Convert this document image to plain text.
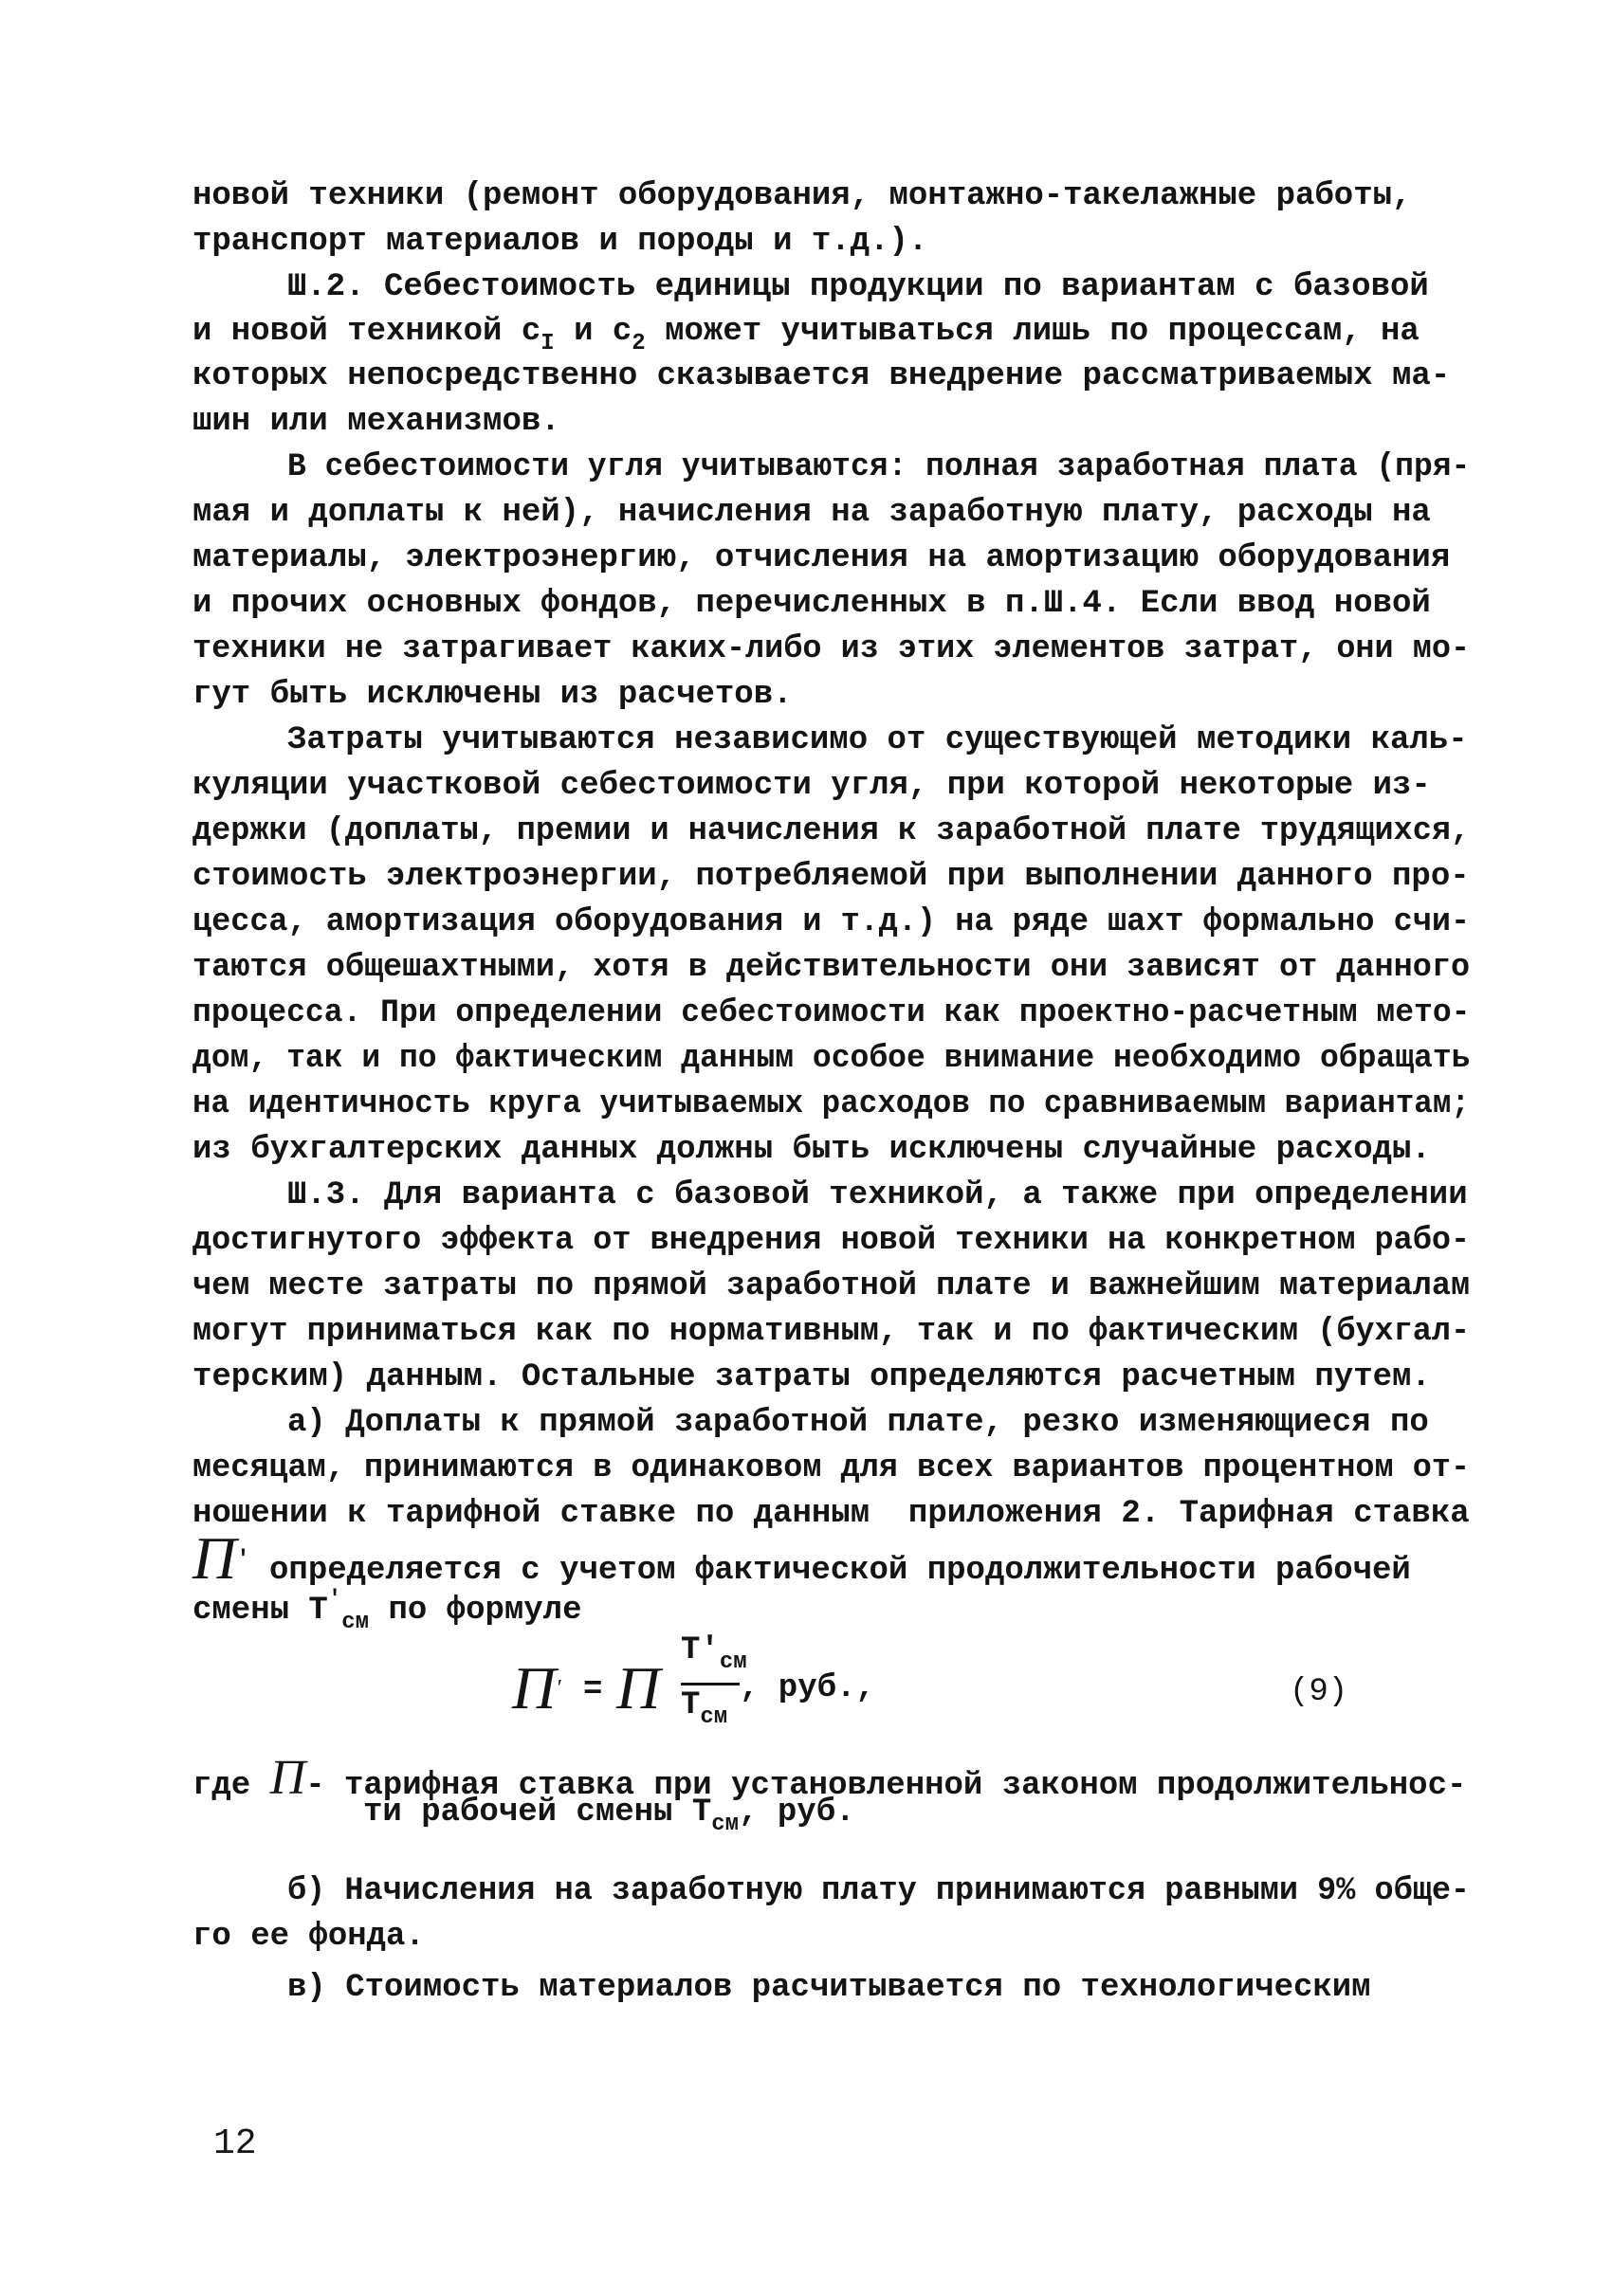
новой техники (ремонт оборудования, монтажно-такелажные работы,
транспорт материалов и породы и т.д.).
Ш.2. Себестоимость единицы продукции по вариантам с базовой
и новой техникой $с_I$ и $с_2$ может учитываться лишь по процессам, на
которых непосредственно сказывается внедрение рассматриваемых ма-
шин или механизмов.
В себестоимости угля учитываются: полная заработная плата (пря-
мая и доплаты к ней), начисления на заработную плату, расходы на
материалы, электроэнергию, отчисления на амортизацию оборудования
и прочих основных фондов, перечисленных в п.Ш.4. Если ввод новой
техники не затрагивает каких-либо из этих элементов затрат, они мо-
гут быть исключены из расчетов.
Затраты учитываются независимо от существующей методики каль-
куляции участковой себестоимости угля, при которой некоторые из-
держки (доплаты, премии и начисления к заработной плате трудящихся,
стоимость электроэнергии, потребляемой при выполнении данного про-
цесса, амортизация оборудования и т.д.) на ряде шахт формально счи-
таются общешахтными, хотя в действительности они зависят от данного
процесса. При определении себестоимости как проектно-расчетным мето-
дом, так и по фактическим данным особое внимание необходимо обращать
на идентичность круга учитываемых расходов по сравниваемым вариантам;
из бухгалтерских данных должны быть исключены случайные расходы.
Ш.3. Для варианта с базовой техникой, а также при определении
достигнутого эффекта от внедрения новой техники на конкретном рабо-
чем месте затраты по прямой заработной плате и важнейшим материалам
могут приниматься как по нормативным, так и по фактическим (бухгал-
терским) данным. Остальные затраты определяются расчетным путем.
а) Доплаты к прямой заработной плате, резко изменяющиеся по
месяцам, принимаются в одинаковом для всех вариантов процентном от-
ношении к тарифной ставке по данным  приложения 2. Тарифная ставка
П′ определяется с учетом фактической продолжительности рабочей
смены $T'_{см}$ по формуле
П′ = П
$T'_{см}$
$T_{см}$
, руб.,	(9)
где П- тарифная ставка при установленной законом продолжительнос-
ти рабочей смены $T_{см}$, руб.
б) Начисления на заработную плату принимаются равными 9% обще-
го ее фонда.
в) Стоимость материалов расчитывается по технологическим
12
